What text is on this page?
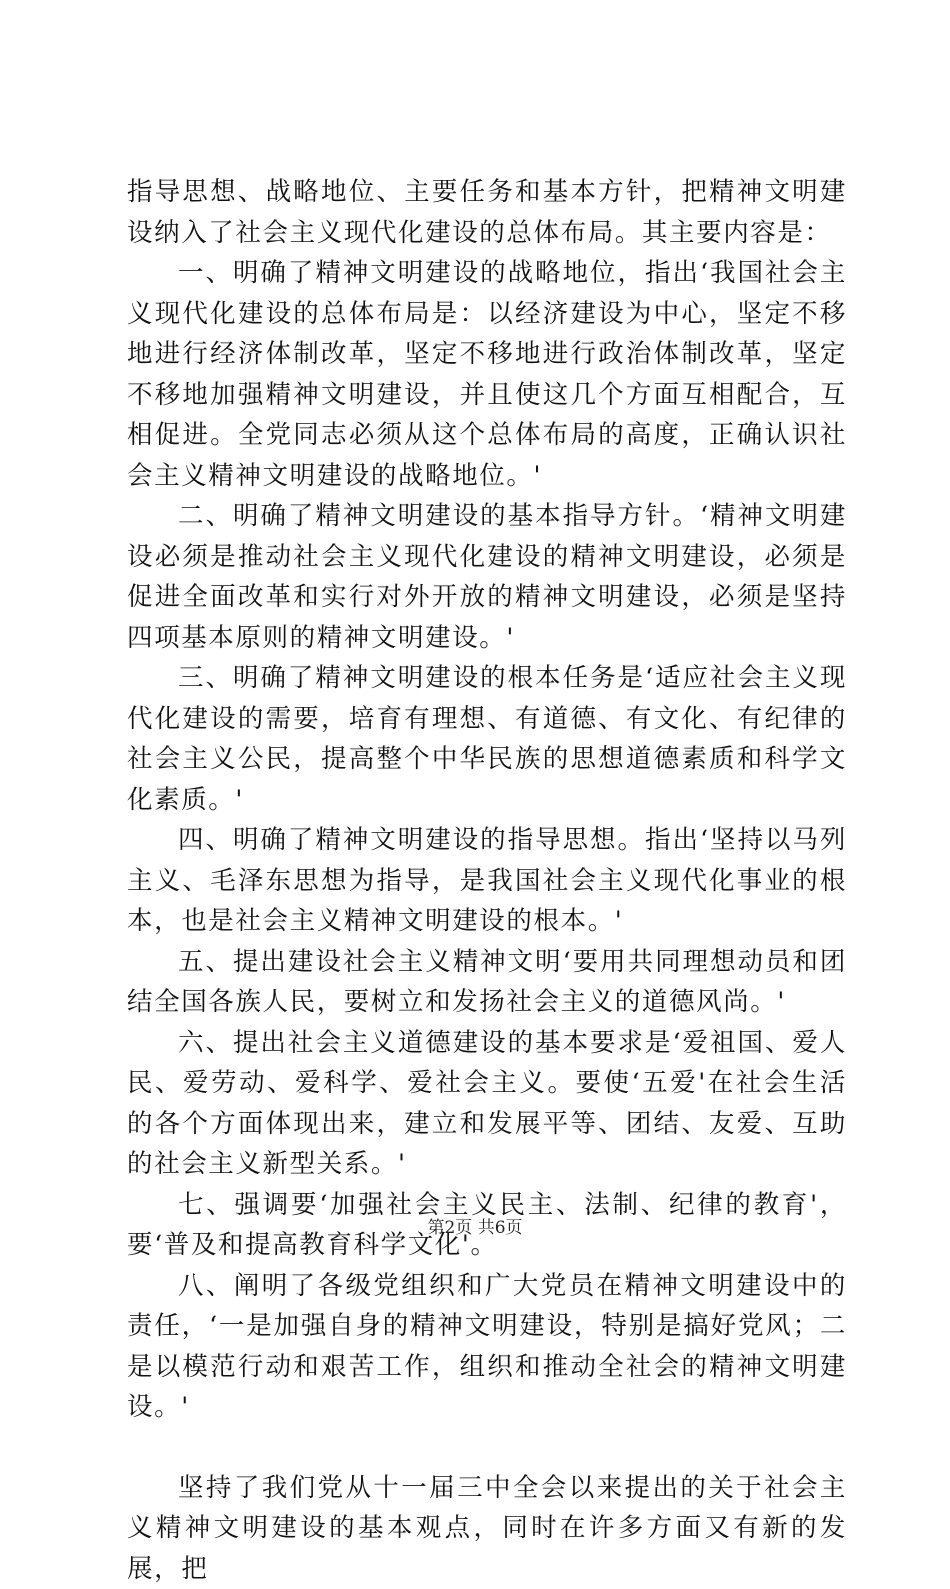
指导思想、战略地位、主要任务和基本方针，把精神文明建设纳入了社会主义现代化建设的总体布局。其主要内容是：

一、明确了精神文明建设的战略地位，指出‘我国社会主义现代化建设的总体布局是：以经济建设为中心，坚定不移地进行经济体制改革，坚定不移地进行政治体制改革，坚定不移地加强精神文明建设，并且使这几个方面互相配合，互相促进。全党同志必须从这个总体布局的高度，正确认识社会主义精神文明建设的战略地位。'

二、明确了精神文明建设的基本指导方针。‘精神文明建设必须是推动社会主义现代化建设的精神文明建设，必须是促进全面改革和实行对外开放的精神文明建设，必须是坚持四项基本原则的精神文明建设。'

三、明确了精神文明建设的根本任务是‘适应社会主义现代化建设的需要，培育有理想、有道德、有文化、有纪律的社会主义公民，提高整个中华民族的思想道德素质和科学文化素质。'

四、明确了精神文明建设的指导思想。指出‘坚持以马列主义、毛泽东思想为指导，是我国社会主义现代化事业的根本，也是社会主义精神文明建设的根本。'

五、提出建设社会主义精神文明‘要用共同理想动员和团结全国各族人民，要树立和发扬社会主义的道德风尚。'

六、提出社会主义道德建设的基本要求是‘爱祖国、爱人民、爱劳动、爱科学、爱社会主义。要使‘五爱'在社会生活的各个方面体现出来，建立和发展平等、团结、友爱、互助的社会主义新型关系。'

七、强调要‘加强社会主义民主、法制、纪律的教育'，要‘普及和提高教育科学文化'。

八、阐明了各级党组织和广大党员在精神文明建设中的责任，‘一是加强自身的精神文明建设，特别是搞好党风；二是以模范行动和艰苦工作，组织和推动全社会的精神文明建设。'

坚持了我们党从十一届三中全会以来提出的关于社会主义精神文明建设的基本观点，同时在许多方面又有新的发展，把

第2页 共6页
